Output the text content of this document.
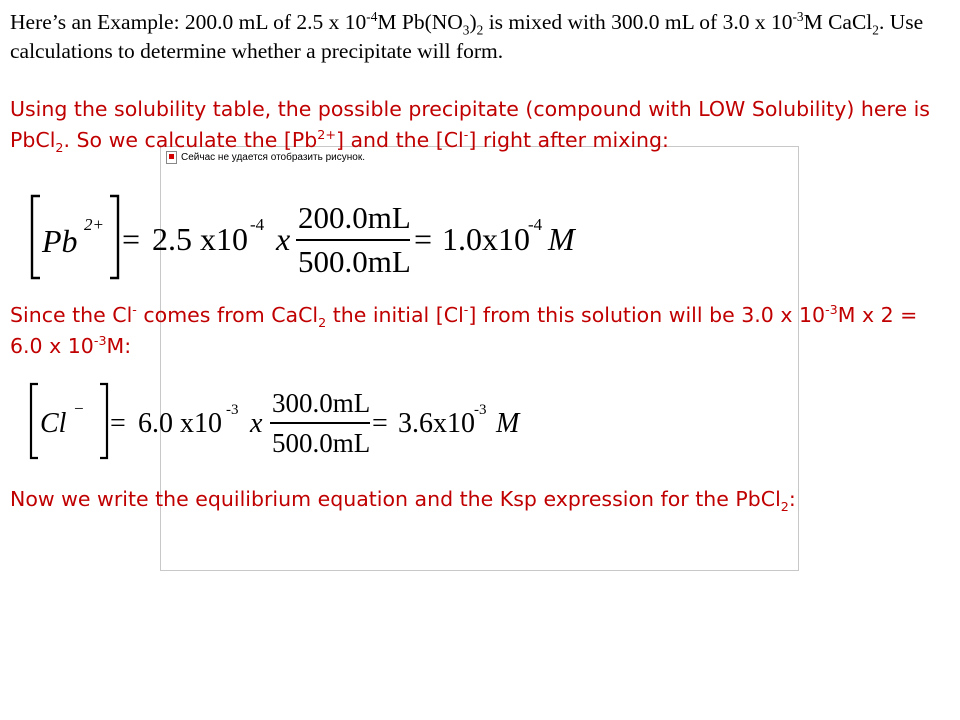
Here’s an Example: 200.0 mL of 2.5 x $10^{-4}M$ $Pb(NO_3)_2$ is mixed with 300.0 mL of 3.0 x $10^{-3}M$ CaCl$_2$. Use calculations to determine whether a precipitate will form.
Сейчас не удается отобразить рисунок.
Using the solubility table, the possible precipitate (compound with LOW Solubility) here is PbCl$_2$. So we calculate the $[Pb^{2+}]$ and the [Cl-] right after mixing:
Pb 2+ = 2.5 x10 -4 x
200.0mL
500.0mL
= 1.0x10
-4 M
Since the Cl- comes from CaCl$_2$ the initial [Cl-] from this solution will be 3.0 x $10^{-3}M$ x 2 = 6.0 x $10^{-3}M$:
Cl − = 6.0 x10 -3 x
300.0mL
500.0mL
= 3.6x10 -3 M
Now we write the equilibrium equation and the Ksp expression for the PbCl$_2$:
